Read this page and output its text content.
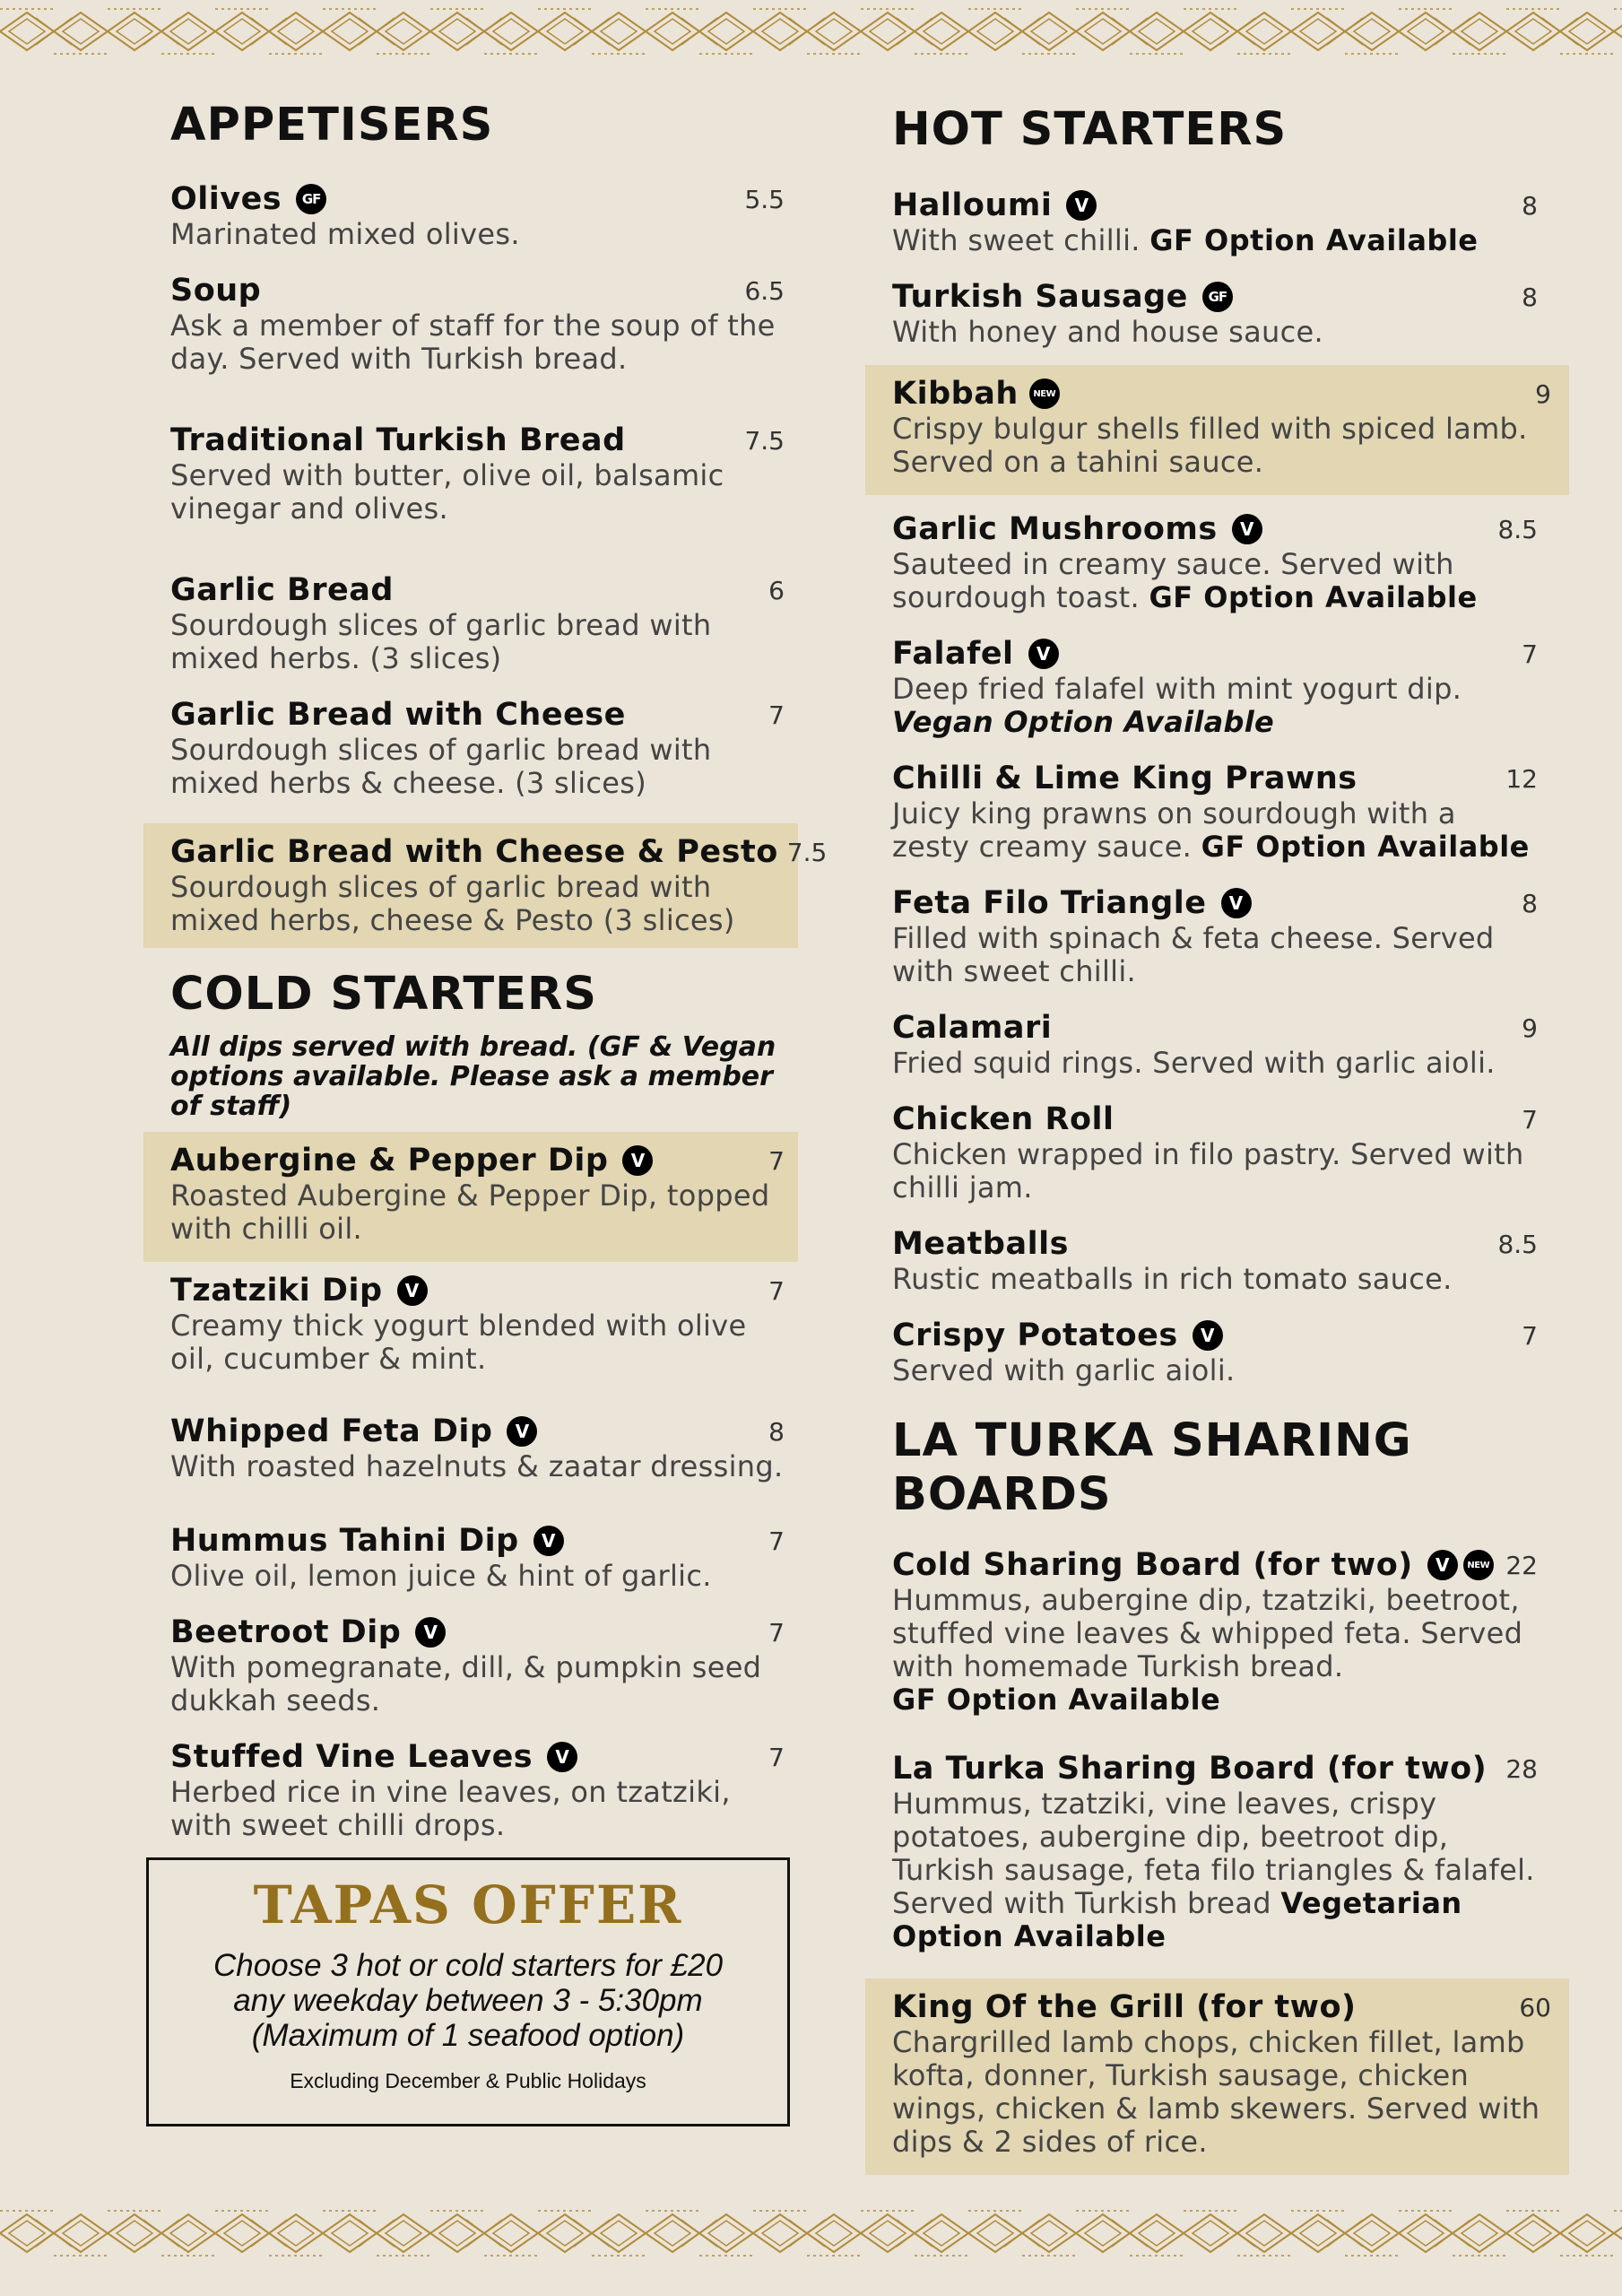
APPETISERS
Olives	GF	5.5
Marinated mixed olives.
Soup	6.5
Ask a member of staff for the soup of the day. Served with Turkish bread.
Traditional Turkish Bread	7.5
Served with butter, olive oil, balsamic vinegar and olives.
Garlic Bread	6
Sourdough slices of garlic bread with mixed herbs. (3 slices)
Garlic Bread with Cheese	7
Sourdough slices of garlic bread with mixed herbs & cheese. (3 slices)
Garlic Bread with Cheese & Pesto 7.5
Sourdough slices of garlic bread with mixed herbs, cheese & Pesto (3 slices)
COLD STARTERS
All dips served with bread. (GF & Vegan options available. Please ask a member of staff)
Aubergine & Pepper Dip	V	7
Roasted Aubergine & Pepper Dip, topped with chilli oil.
Tzatziki Dip	V	7
Creamy thick yogurt blended with olive oil, cucumber & mint.
Whipped Feta Dip	V	8
With roasted hazelnuts & zaatar dressing.
Hummus Tahini Dip	V	7
Olive oil, lemon juice & hint of garlic.
Beetroot Dip	V	7
With pomegranate, dill, & pumpkin seed dukkah seeds.
Stuffed Vine Leaves	V	7
Herbed rice in vine leaves, on tzatziki, with sweet chilli drops.
TAPAS OFFER
Choose 3 hot or cold starters for £20
any weekday between 3 - 5:30pm
(Maximum of 1 seafood option)
Excluding December & Public Holidays
HOT STARTERS
Halloumi	V	8
With sweet chilli. GF Option Available
Turkish Sausage	GF	8
With honey and house sauce.
Kibbah	NEW	9
Crispy bulgur shells filled with spiced lamb. Served on a tahini sauce.
Garlic Mushrooms	V	8.5
Sauteed in creamy sauce. Served with sourdough toast. GF Option Available
Falafel	V	7
Deep fried falafel with mint yogurt dip.
Vegan Option Available
Chilli & Lime King Prawns	12
Juicy king prawns on sourdough with a zesty creamy sauce. GF Option Available
Feta Filo Triangle	V	8
Filled with spinach & feta cheese. Served with sweet chilli.
Calamari	9
Fried squid rings. Served with garlic aioli.
Chicken Roll	7
Chicken wrapped in filo pastry. Served with chilli jam.
Meatballs	8.5
Rustic meatballs in rich tomato sauce.
Crispy Potatoes	V	7
Served with garlic aioli.
LA TURKA SHARING BOARDS
Cold Sharing Board (for two)	V	NEW 22
Hummus, aubergine dip, tzatziki, beetroot, stuffed vine leaves & whipped feta. Served with homemade Turkish bread.
GF Option Available
La Turka Sharing Board (for two) 28
Hummus, tzatziki, vine leaves, crispy potatoes, aubergine dip, beetroot dip, Turkish sausage, feta filo triangles & falafel. Served with Turkish bread Vegetarian Option Available
King Of the Grill (for two)	60
Chargrilled lamb chops, chicken fillet, lamb kofta, donner, Turkish sausage, chicken wings, chicken & lamb skewers. Served with dips & 2 sides of rice.
